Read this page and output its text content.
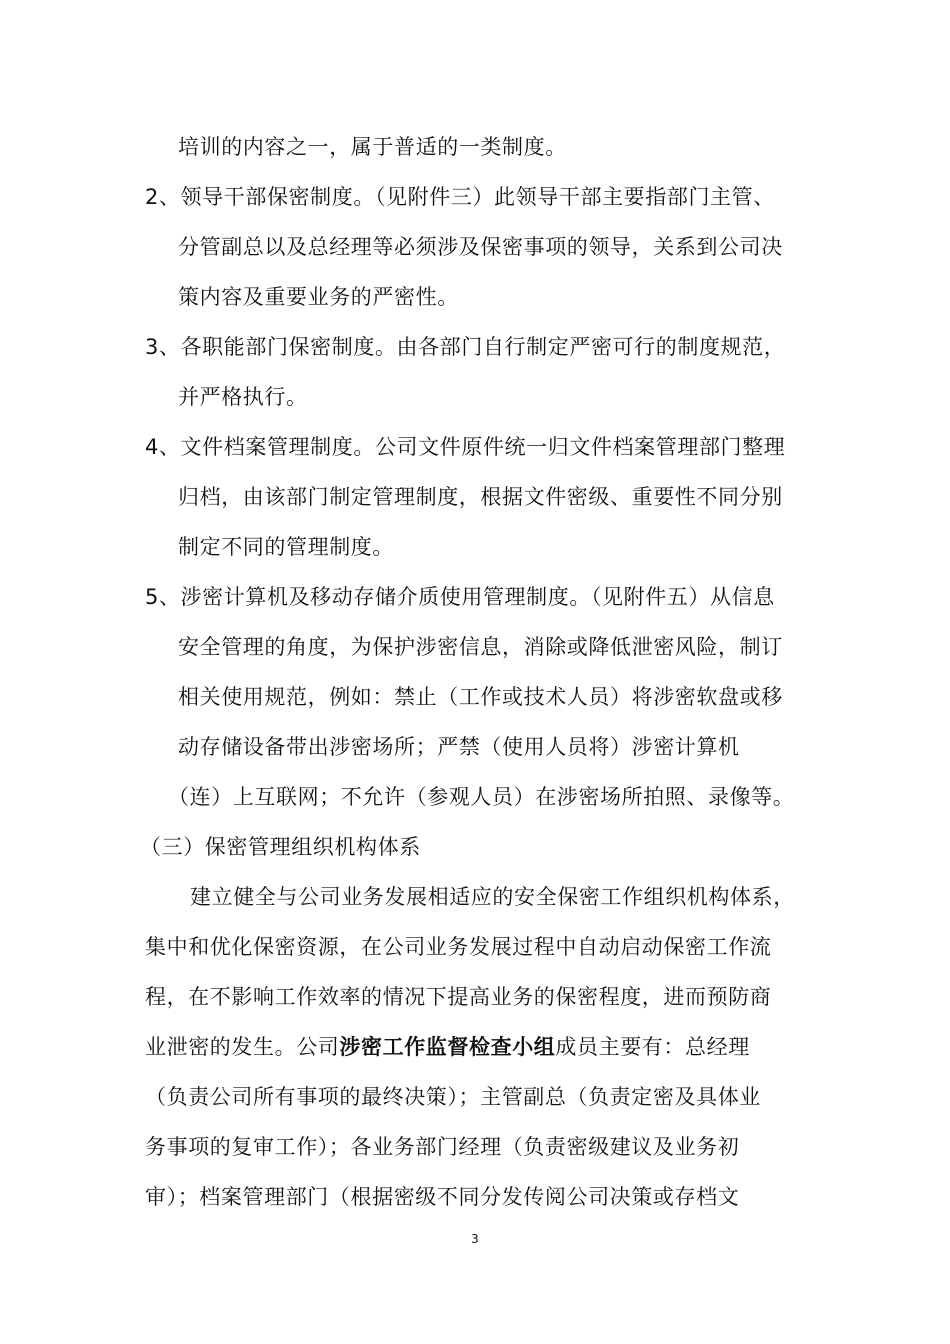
培训的内容之一，属于普适的一类制度。
2、领导干部保密制度。（见附件三）此领导干部主要指部门主管、
分管副总以及总经理等必须涉及保密事项的领导，关系到公司决
策内容及重要业务的严密性。
3、各职能部门保密制度。由各部门自行制定严密可行的制度规范，
并严格执行。
4、文件档案管理制度。公司文件原件统一归文件档案管理部门整理
归档，由该部门制定管理制度，根据文件密级、重要性不同分别
制定不同的管理制度。
5、涉密计算机及移动存储介质使用管理制度。（见附件五）从信息
安全管理的角度，为保护涉密信息，消除或降低泄密风险，制订
相关使用规范，例如：禁止（工作或技术人员）将涉密软盘或移
动存储设备带出涉密场所；严禁（使用人员将）涉密计算机
（连）上互联网；不允许（参观人员）在涉密场所拍照、录像等。
（三）保密管理组织机构体系
建立健全与公司业务发展相适应的安全保密工作组织机构体系，
集中和优化保密资源，在公司业务发展过程中自动启动保密工作流
程，在不影响工作效率的情况下提高业务的保密程度，进而预防商
业泄密的发生。公司涉密工作监督检查小组成员主要有：总经理
（负责公司所有事项的最终决策）；主管副总（负责定密及具体业
务事项的复审工作）；各业务部门经理（负责密级建议及业务初
审）；档案管理部门（根据密级不同分发传阅公司决策或存档文
3
